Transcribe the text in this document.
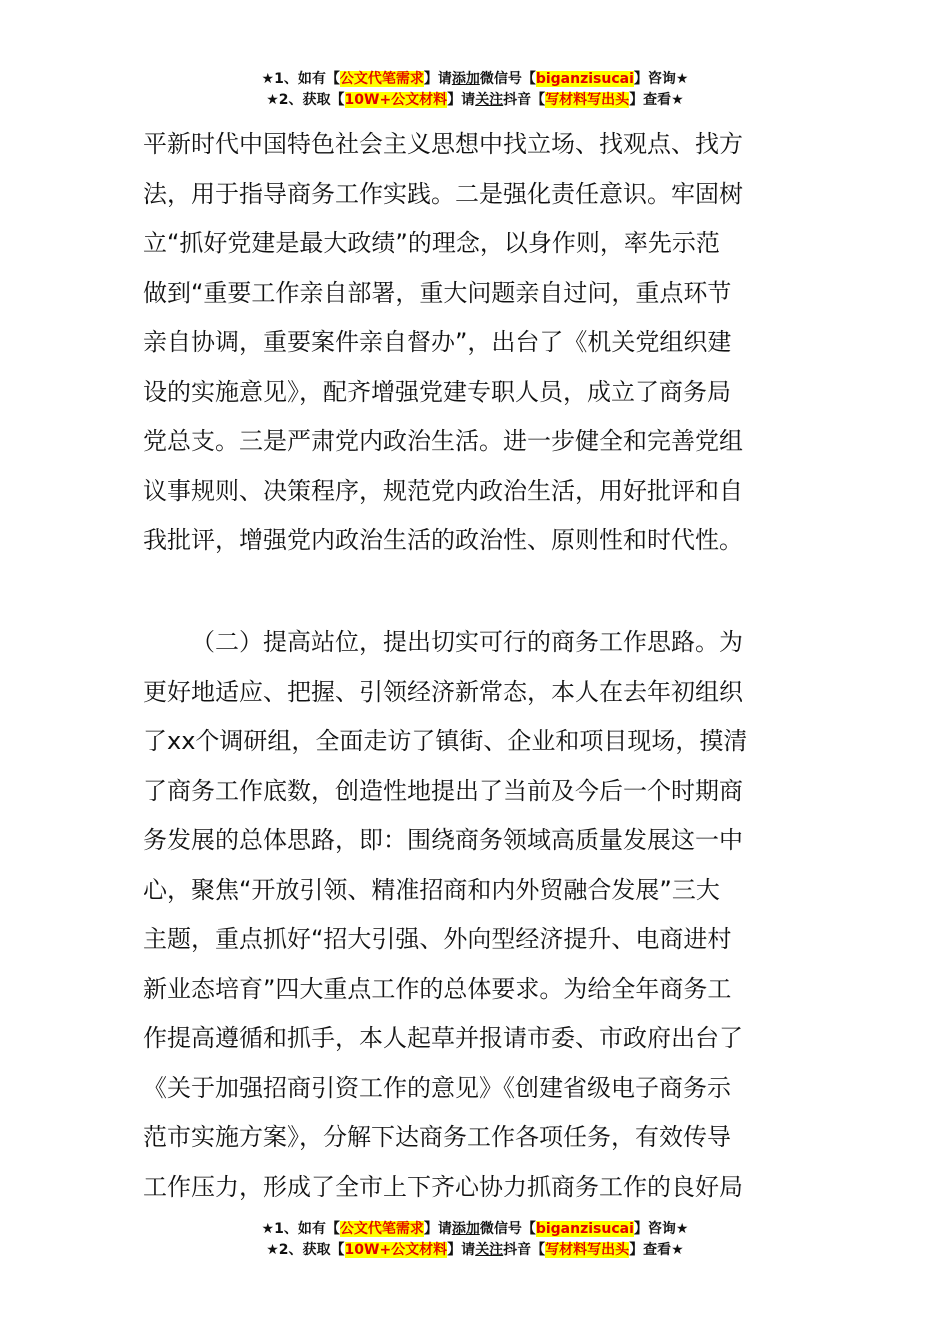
★1、如有【公文代笔需求】请添加微信号【biganzisucai】咨询★
★2、获取【10W+公文材料】请关注抖音【写材料写出头】查看★
平新时代中国特色社会主义思想中找立场、找观点、找方
法，用于指导商务工作实践。二是强化责任意识。牢固树
立“抓好党建是最大政绩”的理念，以身作则，率先示范
做到“重要工作亲自部署，重大问题亲自过问，重点环节
亲自协调，重要案件亲自督办”，出台了《机关党组织建
设的实施意见》，配齐增强党建专职人员，成立了商务局
党总支。三是严肃党内政治生活。进一步健全和完善党组
议事规则、决策程序，规范党内政治生活，用好批评和自
我批评，增强党内政治生活的政治性、原则性和时代性。
（二）提高站位，提出切实可行的商务工作思路。为
更好地适应、把握、引领经济新常态，本人在去年初组织
了xx个调研组，全面走访了镇街、企业和项目现场，摸清
了商务工作底数，创造性地提出了当前及今后一个时期商
务发展的总体思路，即：围绕商务领域高质量发展这一中
心，聚焦“开放引领、精准招商和内外贸融合发展”三大
主题，重点抓好“招大引强、外向型经济提升、电商进村
新业态培育”四大重点工作的总体要求。为给全年商务工
作提高遵循和抓手，本人起草并报请市委、市政府出台了
《关于加强招商引资工作的意见》《创建省级电子商务示
范市实施方案》，分解下达商务工作各项任务，有效传导
工作压力，形成了全市上下齐心协力抓商务工作的良好局
★1、如有【公文代笔需求】请添加微信号【biganzisucai】咨询★
★2、获取【10W+公文材料】请关注抖音【写材料写出头】查看★
